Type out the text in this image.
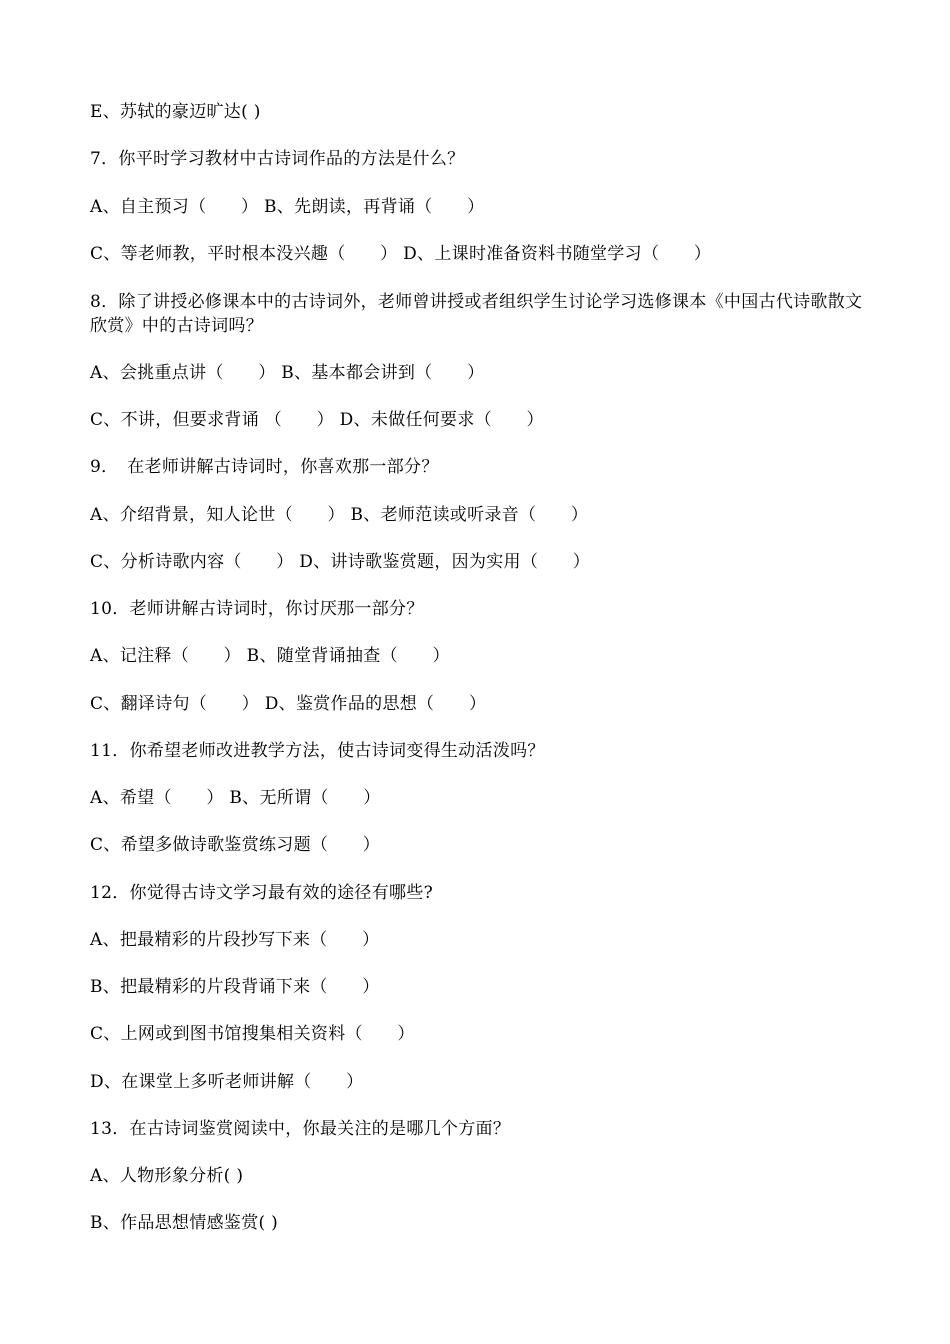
E、苏轼的豪迈旷达( )
7．你平时学习教材中古诗词作品的方法是什么？
A、自主预习（　　） B、先朗读，再背诵（　　）
C、等老师教，平时根本没兴趣（　　） D、上课时准备资料书随堂学习（　　）
8．除了讲授必修课本中的古诗词外，老师曾讲授或者组织学生讨论学习选修课本《中国古代诗歌散文欣赏》中的古诗词吗？
A、会挑重点讲（　　） B、基本都会讲到（　　）
C、不讲，但要求背诵 （　　） D、未做任何要求（　　）
9．　在老师讲解古诗词时，你喜欢那一部分？
A、介绍背景，知人论世（　　） B、老师范读或听录音（　　）
C、分析诗歌内容（　　） D、讲诗歌鉴赏题，因为实用（　　）
10．老师讲解古诗词时，你讨厌那一部分？
A、记注释（　　） B、随堂背诵抽查（　　）
C、翻译诗句（　　） D、鉴赏作品的思想（　　）
11．你希望老师改进教学方法，使古诗词变得生动活泼吗？
A、希望（　　） B、无所谓（　　）
C、希望多做诗歌鉴赏练习题（　　）
12．你觉得古诗文学习最有效的途径有哪些?
A、把最精彩的片段抄写下来（　　）
B、把最精彩的片段背诵下来（　　）
C、上网或到图书馆搜集相关资料（　　）
D、在课堂上多听老师讲解（　　）
13．在古诗词鉴赏阅读中，你最关注的是哪几个方面？
A、人物形象分析( )
B、作品思想情感鉴赏( )
